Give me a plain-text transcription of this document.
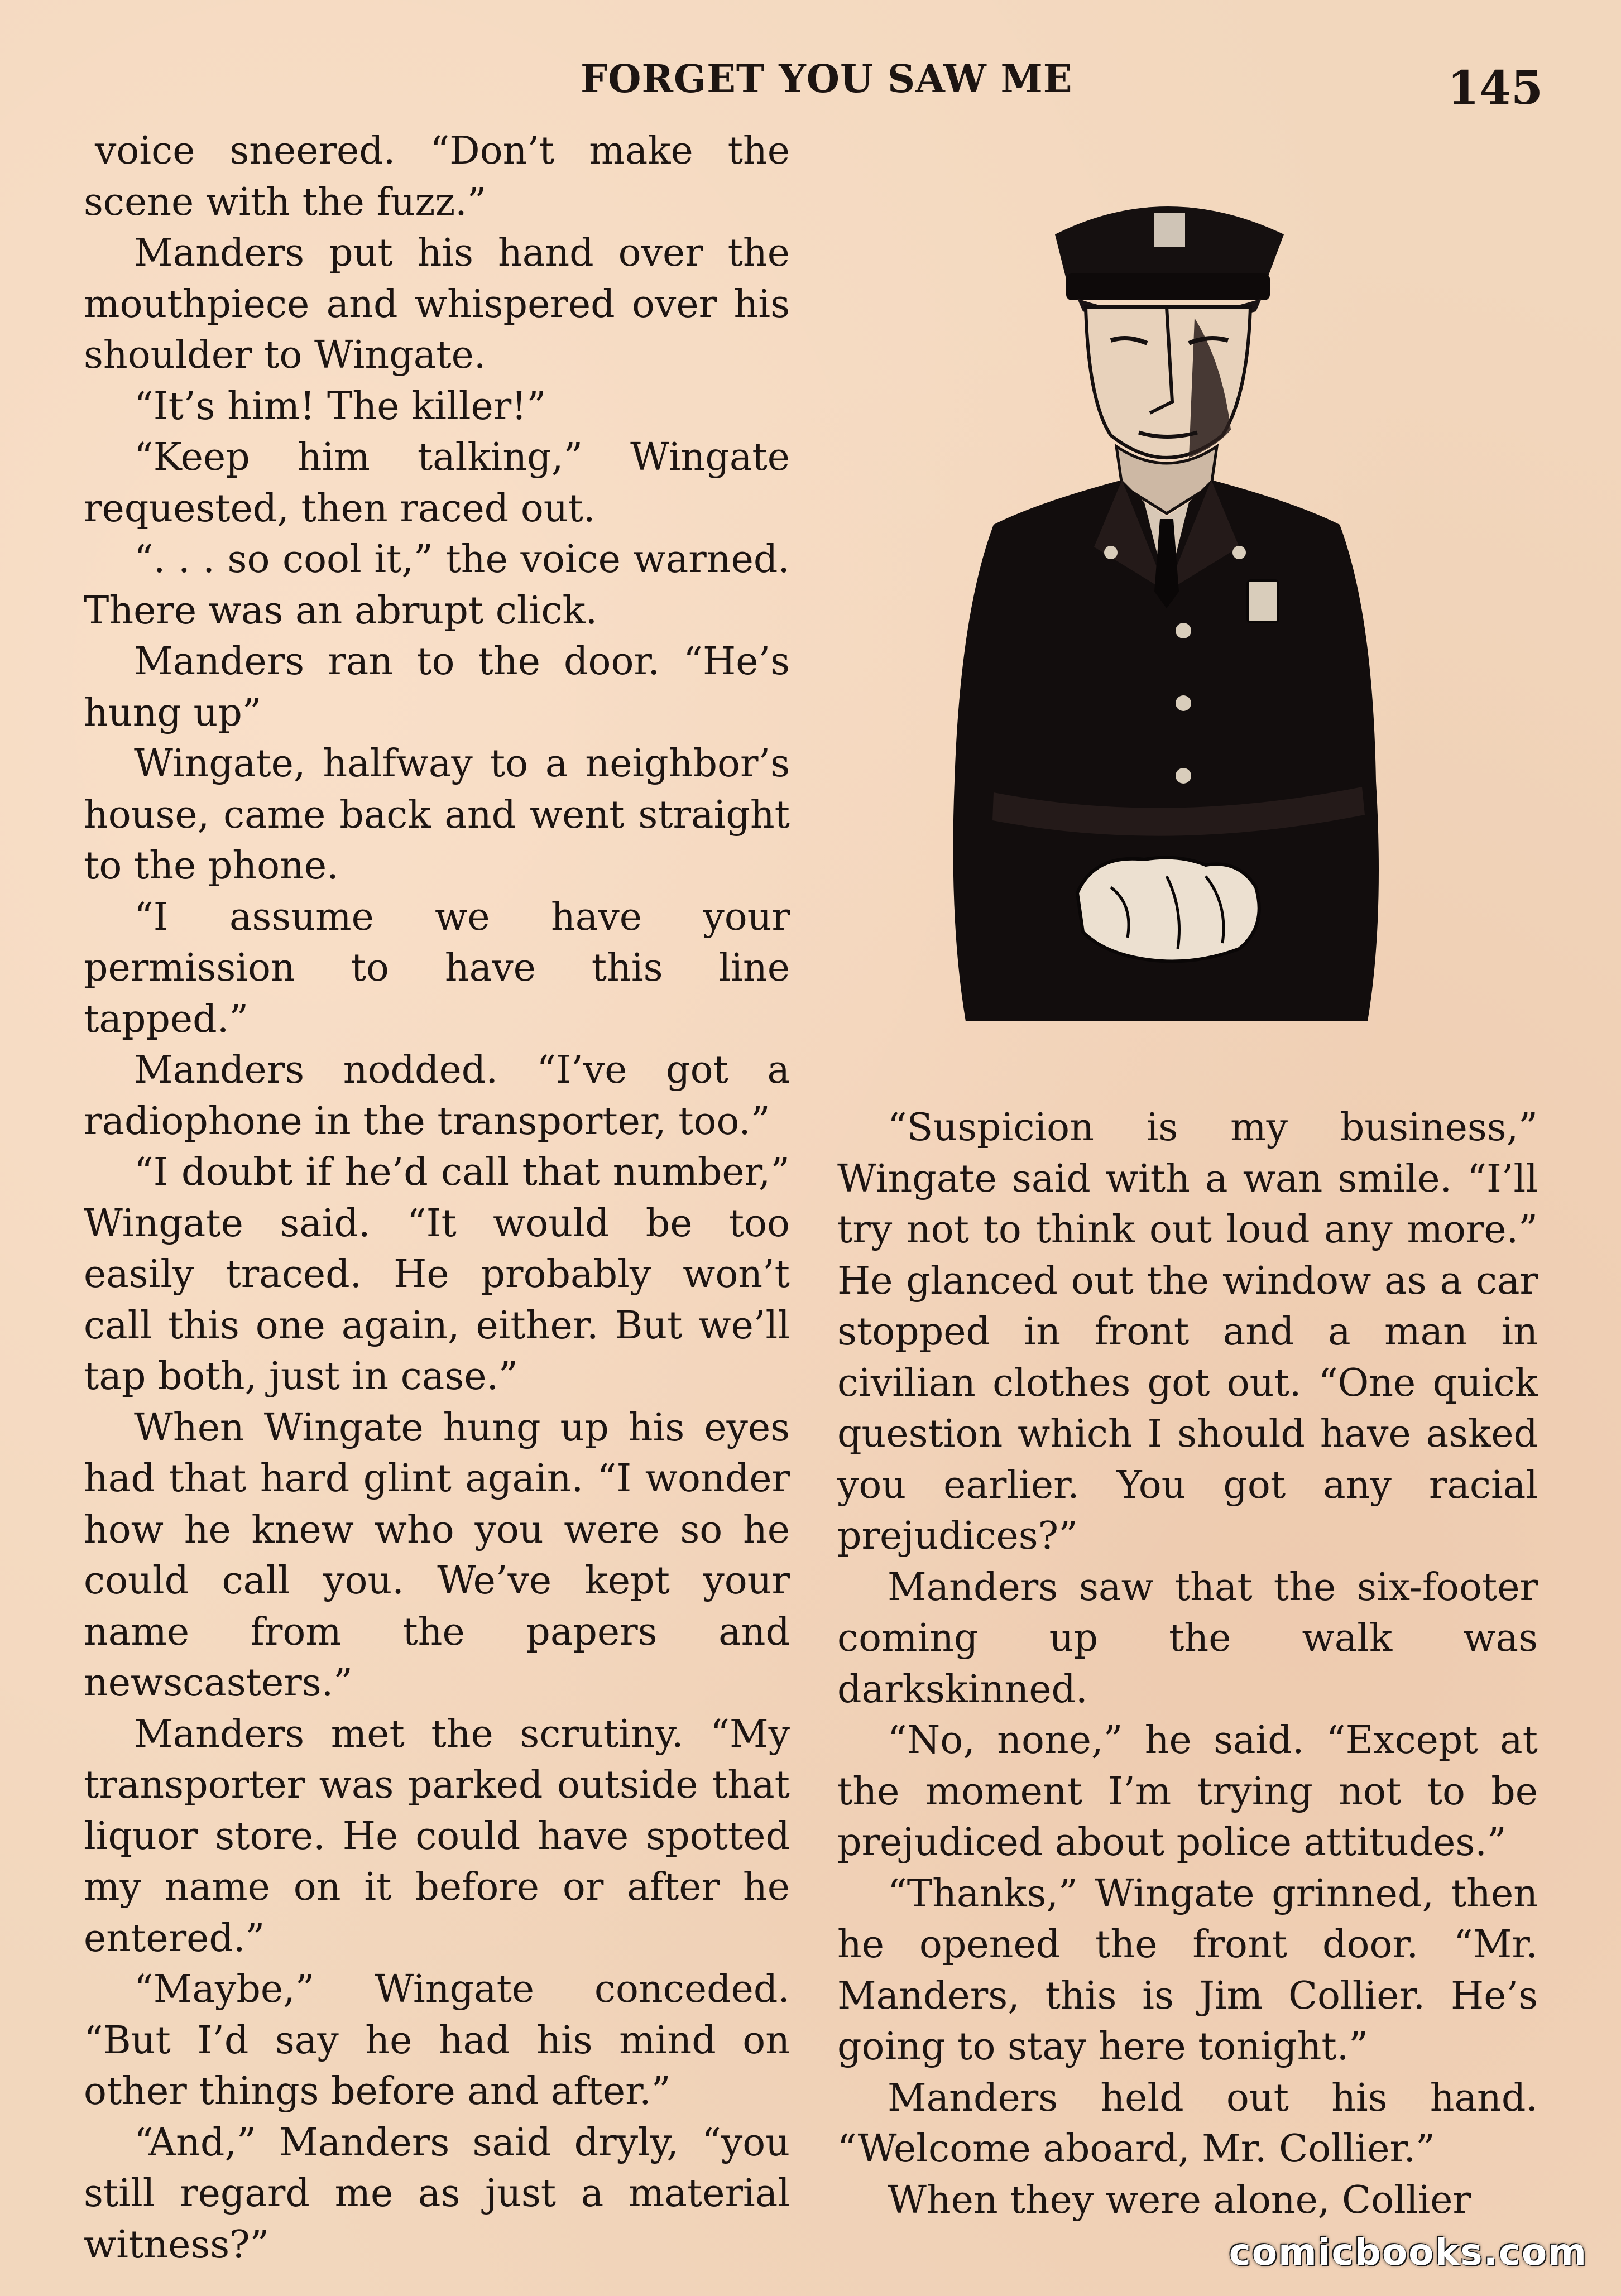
FORGET YOU SAW ME	145

voice sneered. “Don’t make the scene with the fuzz.”

Manders put his hand over the mouthpiece and whispered over his shoulder to Wingate.

“It’s him! The killer!”

“Keep him talking,” Wingate requested, then raced out.

“. . . so cool it,” the voice warned. There was an abrupt click.

Manders ran to the door. “He’s hung up”

Wingate, halfway to a neighbor’s house, came back and went straight to the phone.

“I assume we have your permission to have this line tapped.”

Manders nodded. “I’ve got a radiophone in the transporter, too.”

“I doubt if he’d call that number,” Wingate said. “It would be too easily traced. He probably won’t call this one again, either. But we’ll tap both, just in case.”

When Wingate hung up his eyes had that hard glint again. “I wonder how he knew who you were so he could call you. We’ve kept your name from the papers and newscasters.”

Manders met the scrutiny. “My transporter was parked outside that liquor store. He could have spotted my name on it before or after he entered.”

“Maybe,” Wingate conceded. “But I’d say he had his mind on other things before and after.”

“And,” Manders said dryly, “you still regard me as just a material witness?”

“Suspicion is my business,” Wingate said with a wan smile. “I’ll try not to think out loud any more.” He glanced out the window as a car stopped in front and a man in civilian clothes got out. “One quick question which I should have asked you earlier. You got any racial prejudices?”

Manders saw that the six-footer coming up the walk was darkskinned.

“No, none,” he said. “Except at the moment I’m trying not to be prejudiced about police attitudes.”

“Thanks,” Wingate grinned, then he opened the front door. “Mr. Manders, this is Jim Collier. He’s going to stay here tonight.”

Manders held out his hand. “Welcome aboard, Mr. Collier.”

When they were alone, Collier

comicbooks.com
